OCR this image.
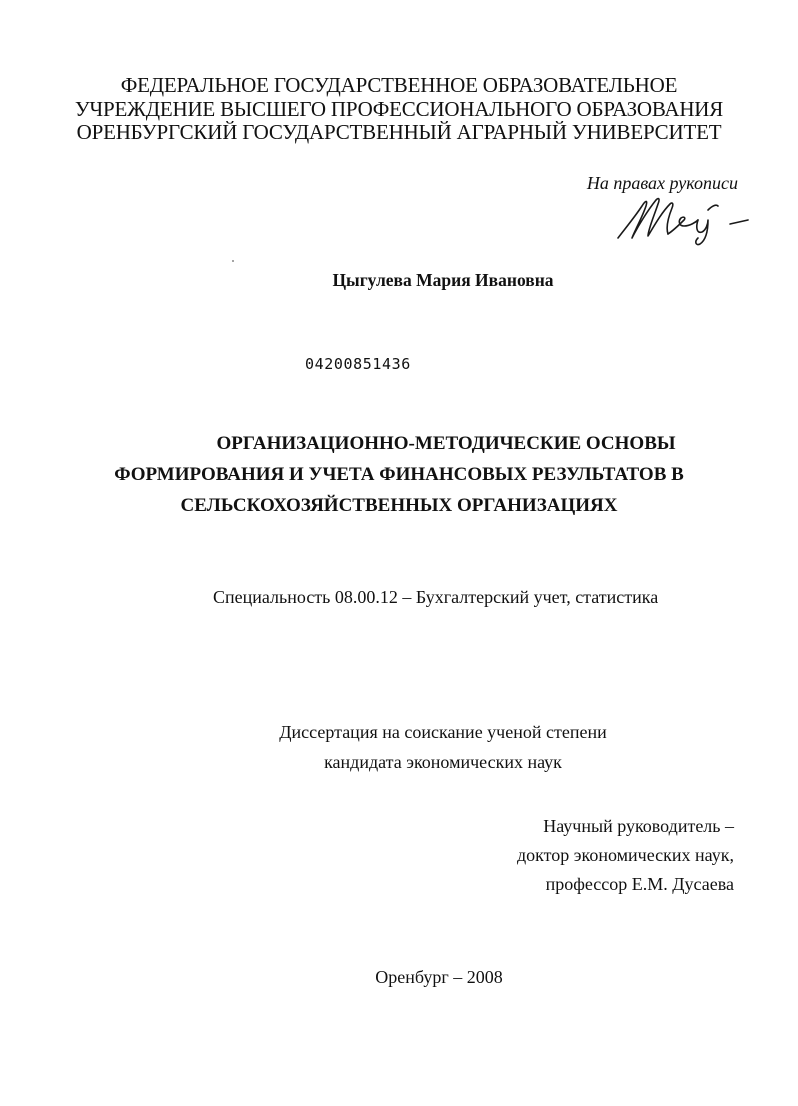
ФЕДЕРАЛЬНОЕ ГОСУДАРСТВЕННОЕ ОБРАЗОВАТЕЛЬНОЕ
УЧРЕЖДЕНИЕ ВЫСШЕГО ПРОФЕССИОНАЛЬНОГО ОБРАЗОВАНИЯ
ОРЕНБУРГСКИЙ ГОСУДАРСТВЕННЫЙ АГРАРНЫЙ УНИВЕРСИТЕТ
На правах рукописи
Цыгулева Мария Ивановна
04200851436
ОРГАНИЗАЦИОННО-МЕТОДИЧЕСКИЕ ОСНОВЫ
ФОРМИРОВАНИЯ И УЧЕТА ФИНАНСОВЫХ РЕЗУЛЬТАТОВ В
СЕЛЬСКОХОЗЯЙСТВЕННЫХ ОРГАНИЗАЦИЯХ
Специальность 08.00.12 – Бухгалтерский учет, статистика
Диссертация на соискание ученой степени
кандидата экономических наук
Научный руководитель –
доктор экономических наук,
профессор Е.М. Дусаева
Оренбург – 2008
